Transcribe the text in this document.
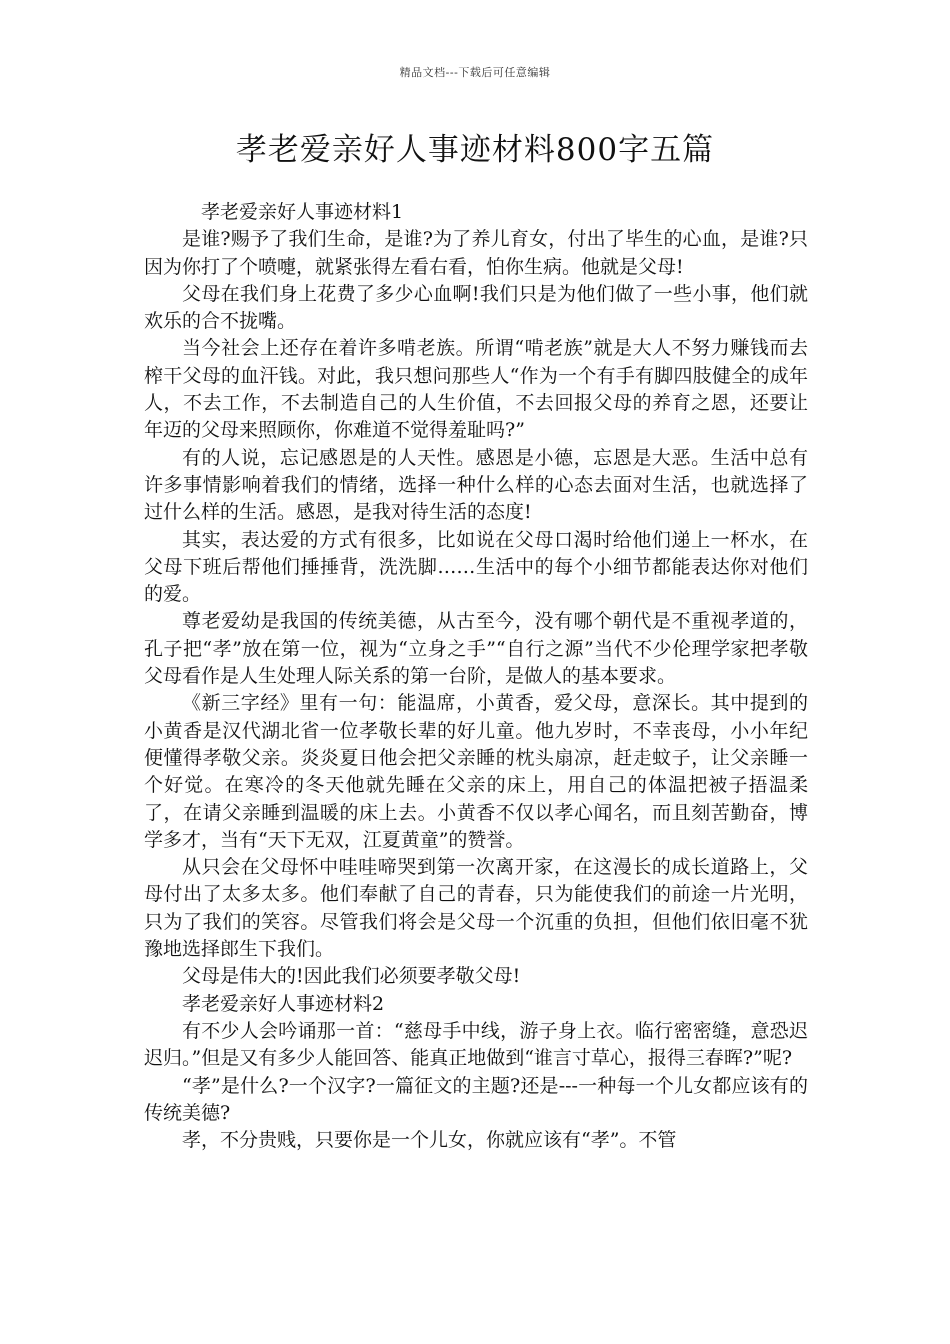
精品文档---下载后可任意编辑
孝老爱亲好人事迹材料800字五篇

孝老爱亲好人事迹材料1

是谁?赐予了我们生命，是谁?为了养儿育女，付出了毕生的心血，是谁?只因为你打了个喷嚏，就紧张得左看右看，怕你生病。他就是父母!

父母在我们身上花费了多少心血啊!我们只是为他们做了一些小事，他们就欢乐的合不拢嘴。

当今社会上还存在着许多啃老族。所谓“啃老族”就是大人不努力赚钱而去榨干父母的血汗钱。对此，我只想问那些人“作为一个有手有脚四肢健全的成年人，不去工作，不去制造自己的人生价值，不去回报父母的养育之恩，还要让年迈的父母来照顾你，你难道不觉得羞耻吗?”

有的人说，忘记感恩是的人天性。感恩是小德，忘恩是大恶。生活中总有许多事情影响着我们的情绪，选择一种什么样的心态去面对生活，也就选择了过什么样的生活。感恩，是我对待生活的态度!

其实，表达爱的方式有很多，比如说在父母口渴时给他们递上一杯水，在父母下班后帮他们捶捶背，洗洗脚……生活中的每个小细节都能表达你对他们的爱。

尊老爱幼是我国的传统美德，从古至今，没有哪个朝代是不重视孝道的，孔子把“孝”放在第一位，视为“立身之手”“自行之源”当代不少伦理学家把孝敬父母看作是人生处理人际关系的第一台阶，是做人的基本要求。

《新三字经》里有一句：能温席，小黄香，爱父母，意深长。其中提到的小黄香是汉代湖北省一位孝敬长辈的好儿童。他九岁时，不幸丧母，小小年纪便懂得孝敬父亲。炎炎夏日他会把父亲睡的枕头扇凉，赶走蚊子，让父亲睡一个好觉。在寒冷的冬天他就先睡在父亲的床上，用自己的体温把被子捂温柔了，在请父亲睡到温暖的床上去。小黄香不仅以孝心闻名，而且刻苦勤奋，博学多才，当有“天下无双，江夏黄童”的赞誉。

从只会在父母怀中哇哇啼哭到第一次离开家，在这漫长的成长道路上，父母付出了太多太多。他们奉献了自己的青春，只为能使我们的前途一片光明，只为了我们的笑容。尽管我们将会是父母一个沉重的负担，但他们依旧毫不犹豫地选择郎生下我们。

父母是伟大的!因此我们必须要孝敬父母!

孝老爱亲好人事迹材料2

有不少人会吟诵那一首：“慈母手中线，游子身上衣。临行密密缝，意恐迟迟归。”但是又有多少人能回答、能真正地做到“谁言寸草心，报得三春晖?”呢?

“孝”是什么?一个汉字?一篇征文的主题?还是---一种每一个儿女都应该有的传统美德?

孝，不分贵贱，只要你是一个儿女，你就应该有“孝”。不管
